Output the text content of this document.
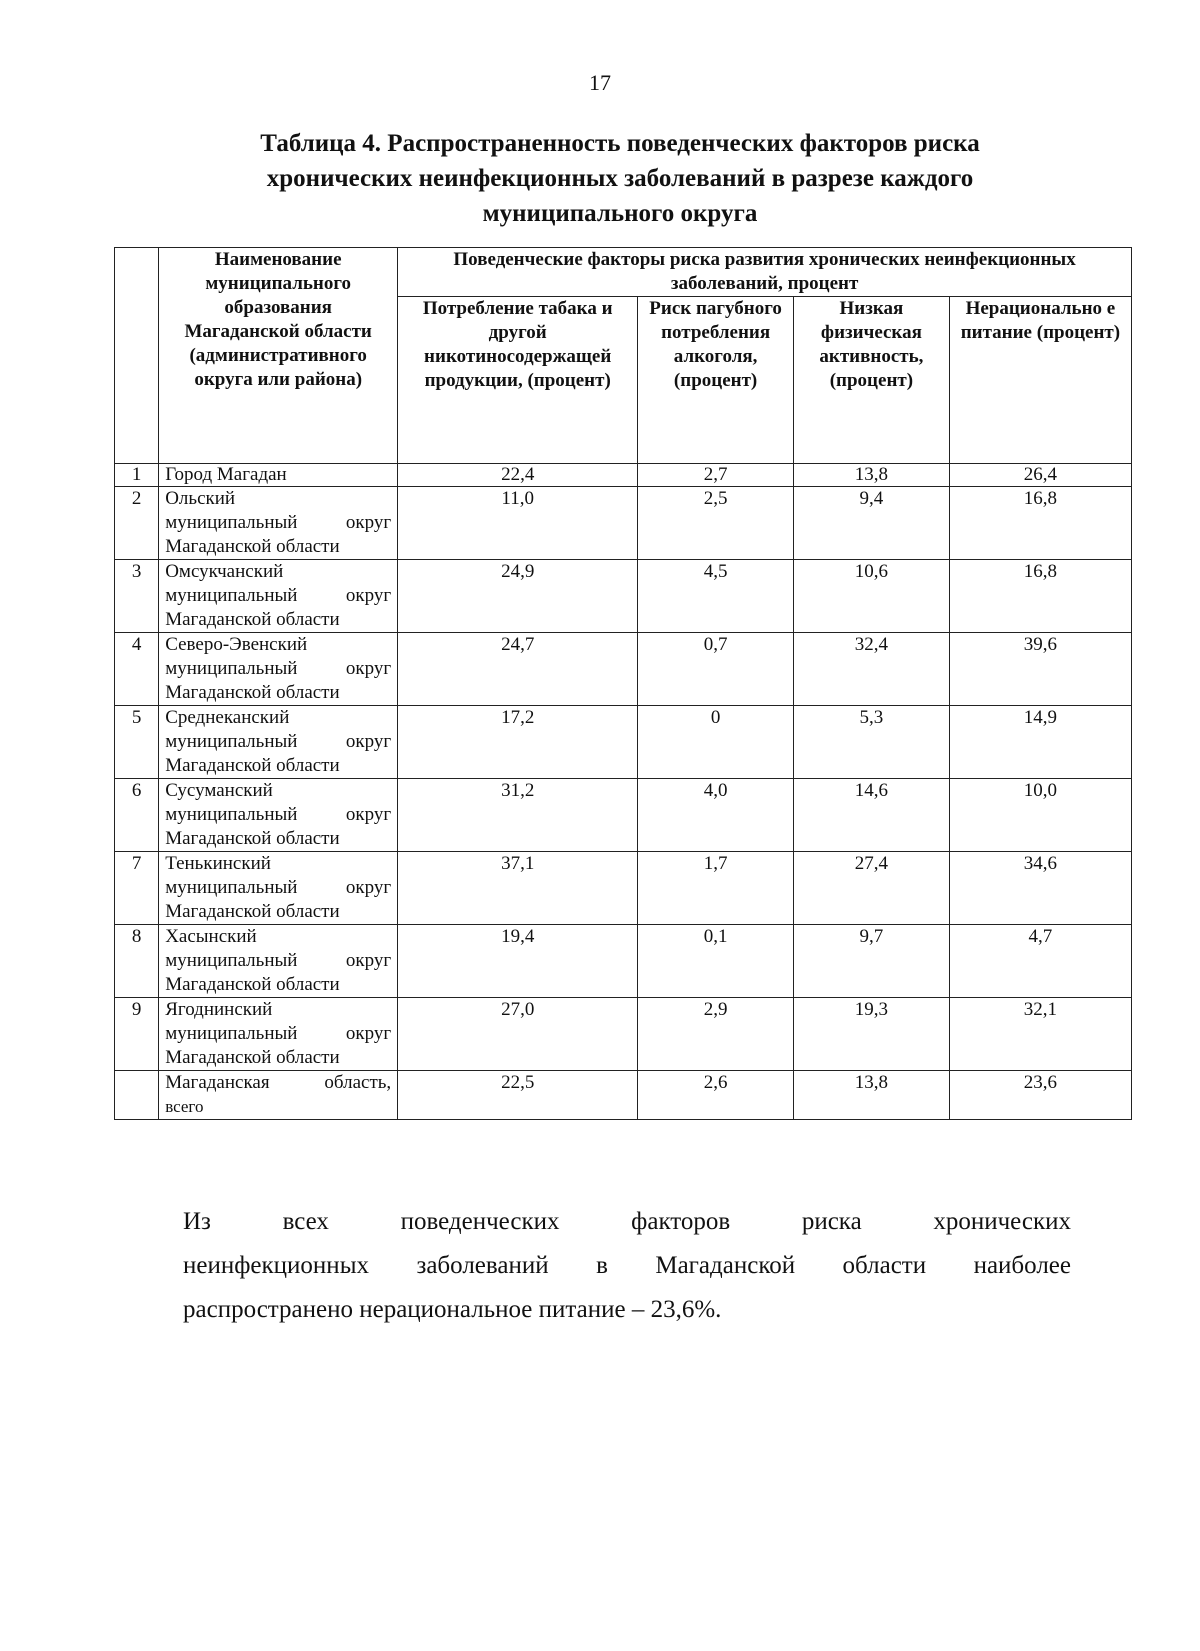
17
Таблица 4. Распространенность поведенческих факторов риска хронических неинфекционных заболеваний в разрезе каждого муниципального округа
	Наименование муниципального образования Магаданской области (административного округа или района)	Поведенческие факторы риска развития хронических неинфекционных заболеваний, процент			
		Потребление табака и другой никотиносодержащей продукции, (процент)	Риск пагубного потребления алкоголя, (процент)	Низкая физическая активность, (процент)	Нерационально е питание (процент)
1	Город Магадан	22,4	2,7	13,8	26,4
2	Ольский
муниципальный округ
Магаданской области	11,0	2,5	9,4	16,8
3	Омсукчанский
муниципальный округ
Магаданской области	24,9	4,5	10,6	16,8
4	Северо-Эвенский
муниципальный округ
Магаданской области	24,7	0,7	32,4	39,6
5	Среднеканский
муниципальный округ
Магаданской области	17,2	0	5,3	14,9
6	Сусуманский
муниципальный округ
Магаданской области	31,2	4,0	14,6	10,0
7	Тенькинский
муниципальный округ
Магаданской области	37,1	1,7	27,4	34,6
8	Хасынский
муниципальный округ
Магаданской области	19,4	0,1	9,7	4,7
9	Ягоднинский
муниципальный округ
Магаданской области	27,0	2,9	19,3	32,1

	Магаданская область,
всего	22,5	2,6	13,8	23,6
Из всех поведенческих факторов риска хронических
неинфекционных заболеваний в Магаданской области наиболее
распространено нерациональное питание – 23,6%.
